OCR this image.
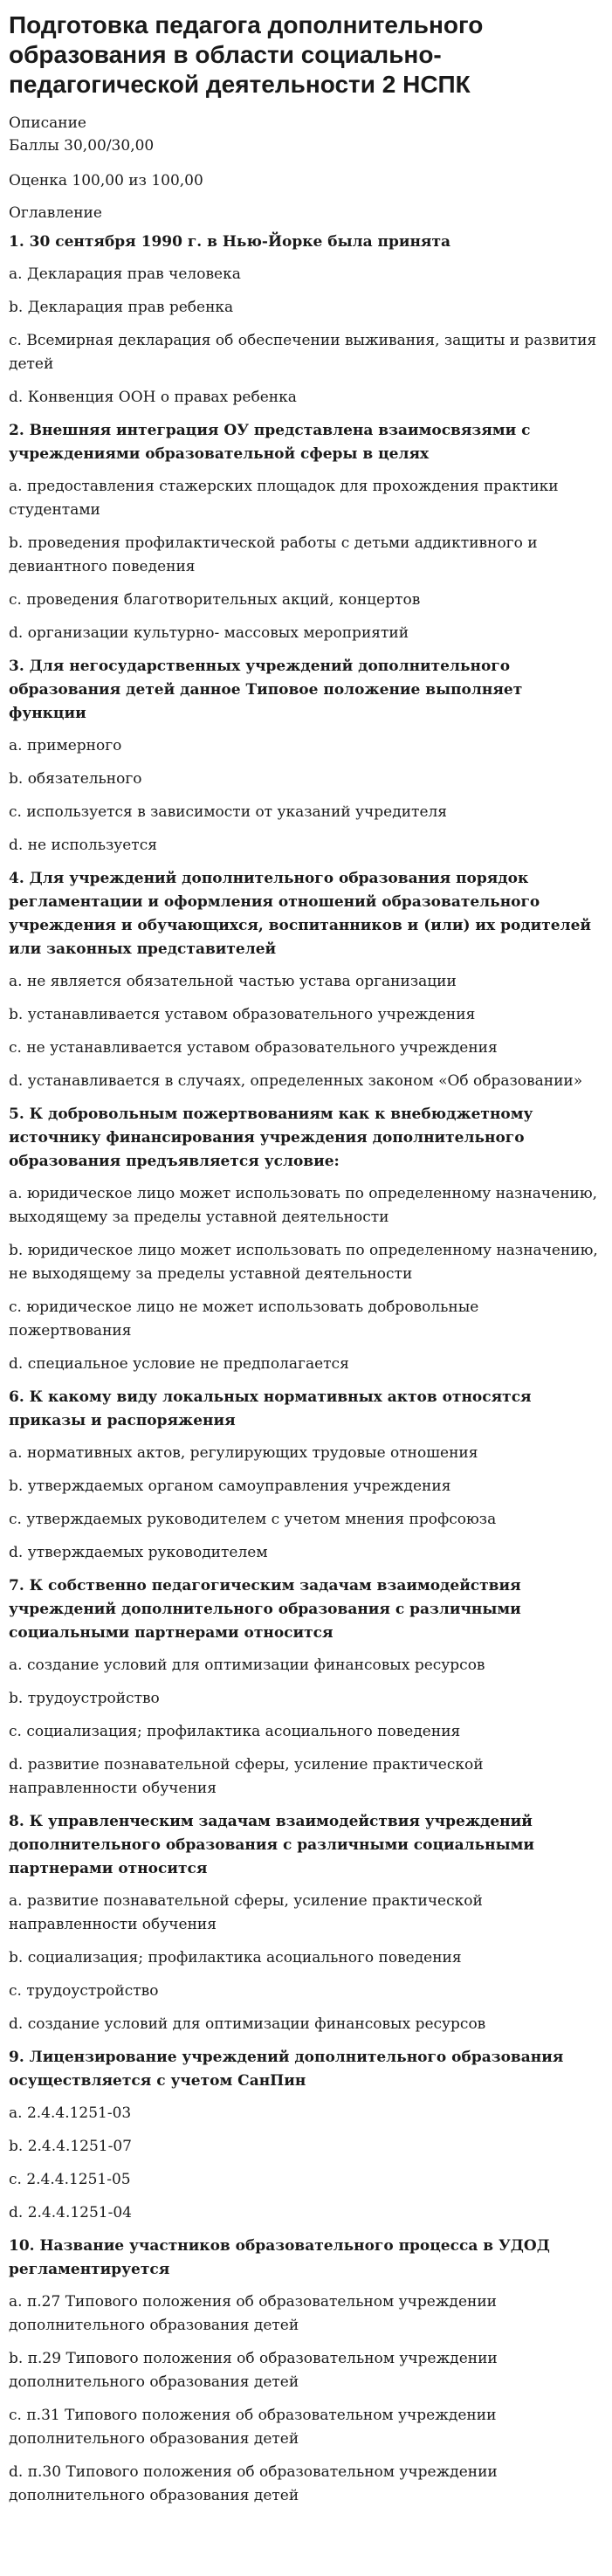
Подготовка педагога дополнительного образования в области социально-педагогической деятельности 2 НСПК
Описание
Баллы 30,00/30,00
Оценка 100,00 из 100,00
Оглавление
1. 30 сентября 1990 г. в Нью-Йорке была принята
a. Декларация прав человека
b. Декларация прав ребенка
c. Всемирная декларация об обеспечении выживания, защиты и развития детей
d. Конвенция ООН о правах ребенка
2. Внешняя интеграция ОУ представлена взаимосвязями с учреждениями образовательной сферы в целях
a. предоставления стажерских площадок для прохождения практики студентами
b. проведения профилактической работы с детьми аддиктивного и девиантного поведения
c. проведения благотворительных акций, концертов
d. организации культурно- массовых мероприятий
3. Для негосударственных учреждений дополнительного образования детей данное Типовое положение выполняет функции
a. примерного
b. обязательного
c. используется в зависимости от указаний учредителя
d. не используется
4. Для учреждений дополнительного образования порядок регламентации и оформления отношений образовательного учреждения и обучающихся, воспитанников и (или) их родителей или законных представителей
a. не является обязательной частью устава организации
b. устанавливается уставом образовательного учреждения
c. не устанавливается уставом образовательного учреждения
d. устанавливается в случаях, определенных законом «Об образовании»
5. К добровольным пожертвованиям как к внебюджетному источнику финансирования учреждения дополнительного образования предъявляется условие:
a. юридическое лицо может использовать по определенному назначению, выходящему за пределы уставной деятельности
b. юридическое лицо может использовать по определенному назначению, не выходящему за пределы уставной деятельности
c. юридическое лицо не может использовать добровольные пожертвования
d. специальное условие не предполагается
6. К какому виду локальных нормативных актов относятся приказы и распоряжения
a. нормативных актов, регулирующих трудовые отношения
b. утверждаемых органом самоуправления учреждения
c. утверждаемых руководителем с учетом мнения профсоюза
d. утверждаемых руководителем
7. К собственно педагогическим задачам взаимодействия учреждений дополнительного образования с различными социальными партнерами относится
a. создание условий для оптимизации финансовых ресурсов
b. трудоустройство
c. социализация; профилактика асоциального поведения
d. развитие познавательной сферы, усиление практической направленности обучения
8. К управленческим задачам взаимодействия учреждений дополнительного образования с различными социальными партнерами относится
a. развитие познавательной сферы, усиление практической направленности обучения
b. социализация; профилактика асоциального поведения
c. трудоустройство
d. создание условий для оптимизации финансовых ресурсов
9. Лицензирование учреждений дополнительного образования осуществляется с учетом СанПин
a. 2.4.4.1251-03
b. 2.4.4.1251-07
c. 2.4.4.1251-05
d. 2.4.4.1251-04
10. Название участников образовательного процесса в УДОД регламентируется
a. п.27 Типового положения об образовательном учреждении дополнительного образования детей
b. п.29 Типового положения об образовательном учреждении дополнительного образования детей
c. п.31 Типового положения об образовательном учреждении дополнительного образования детей
d. п.30 Типового положения об образовательном учреждении дополнительного образования детей
